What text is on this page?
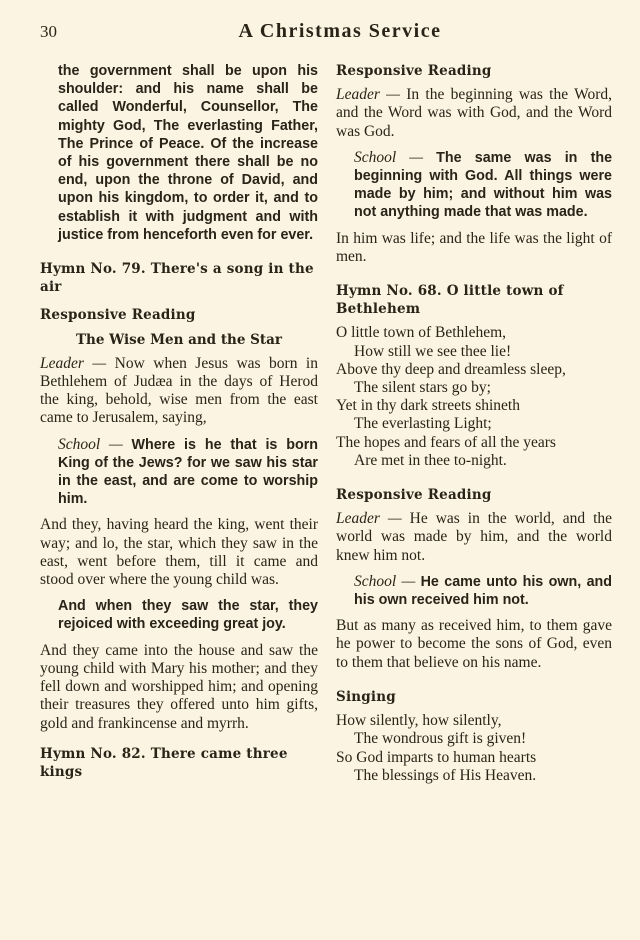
30	A Christmas Service

the government shall be upon his shoulder: and his name shall be called Wonderful, Counsellor, The mighty God, The everlasting Father, The Prince of Peace. Of the increase of his government there shall be no end, upon the throne of David, and upon his kingdom, to order it, and to establish it with judgment and with justice from henceforth even for ever.

Hymn No. 79. There's a song in the air
Responsive Reading
The Wise Men and the Star

Leader — Now when Jesus was born in Bethlehem of Judæa in the days of Herod the king, behold, wise men from the east came to Jerusalem, saying,

School — Where is he that is born King of the Jews? for we saw his star in the east, and are come to worship him.

And they, having heard the king, went their way; and lo, the star, which they saw in the east, went before them, till it came and stood over where the young child was.

And when they saw the star, they rejoiced with exceeding great joy.

And they came into the house and saw the young child with Mary his mother; and they fell down and worshipped him; and opening their treasures they offered unto him gifts, gold and frankincense and myrrh.

Hymn No. 82. There came three kings
Responsive Reading

Leader — In the beginning was the Word, and the Word was with God, and the Word was God.

School — The same was in the beginning with God. All things were made by him; and without him was not anything made that was made.

In him was life; and the life was the light of men.

Hymn No. 68. O little town of Bethlehem
O little town of Bethlehem,
How still we see thee lie!
Above thy deep and dreamless sleep,
The silent stars go by;
Yet in thy dark streets shineth
The everlasting Light;
The hopes and fears of all the years
Are met in thee to-night.
Responsive Reading

Leader — He was in the world, and the world was made by him, and the world knew him not.

School — He came unto his own, and his own received him not.

But as many as received him, to them gave he power to become the sons of God, even to them that believe on his name.

Singing
How silently, how silently,
The wondrous gift is given!
So God imparts to human hearts
The blessings of His Heaven.
